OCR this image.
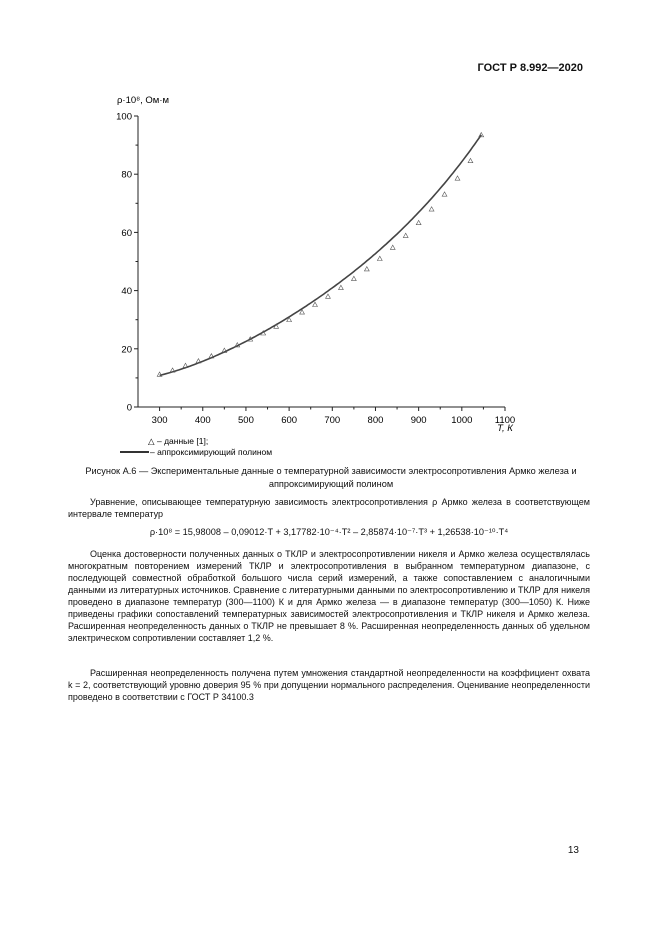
ГОСТ Р 8.992—2020
300	400	500	600	700	800	900	1000 1100
0
20
40
60
80
100
ρ·10⁸, Ом·м
T, К
△ – данные [1];
– аппроксимирующий полином
Рисунок А.6 — Экспериментальные данные о температурной зависимости электросопротивления Армко железа и
аппроксимирующий полином
Уравнение, описывающее температурную зависимость электросопротивления ρ Армко железа в соответствующем интервале температур
ρ·10⁸ = 15,98008 – 0,09012·T + 3,17782·10⁻⁴·T² – 2,85874·10⁻⁷·T³ + 1,26538·10⁻¹⁰·T⁴
Оценка достоверности полученных данных о ТКЛР и электросопротивлении никеля и Армко железа осуществлялась многократным повторением измерений ТКЛР и электросопротивления в выбранном температурном диапазоне, с последующей совместной обработкой большого числа серий измерений, а также сопоставлением с аналогичными данными из литературных источников. Сравнение с литературными данными по электросопротивлению и ТКЛР для никеля проведено в диапазоне температур (300—1100) К и для Армко железа — в диапазоне температур (300—1050) К. Ниже приведены графики сопоставлений температурных зависимостей электросопротивления и ТКЛР никеля и Армко железа. Расширенная неопределенность данных о ТКЛР не превышает 8 %. Расширенная неопределенность данных об удельном электрическом сопротивлении составляет 1,2 %.
Расширенная неопределенность получена путем умножения стандартной неопределенности на коэффициент охвата k = 2, соответствующий уровню доверия 95 % при допущении нормального распределения. Оценивание неопределенности проведено в соответствии с ГОСТ Р 34100.3
13
